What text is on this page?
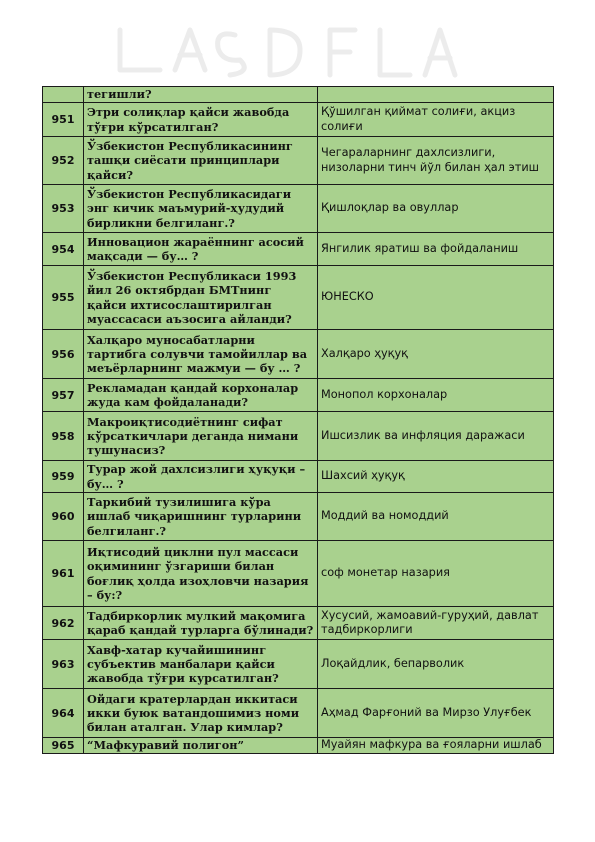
	тегишли?	
951	Этри солиқлар қайси жавобда тўғри кўрсатилган?	Қўшилган қиймат солиғи, акциз солиғи
952	Ўзбекистон Республикасининг ташқи сиёсати принциплари қайси?	Чегараларнинг дахлсизлиги, низоларни тинч йўл билан ҳал этиш
953	Ўзбекистон Республикасидаги энг кичик маъмурий-ҳудудий бирликни белгиланг.?	Қишлоқлар ва овуллар
954	Инновацион жараённинг асосий мақсади — бу… ?	Янгилик яратиш ва фойдаланиш
955	Ўзбекистон Республикаси 1993 йил 26 октябрдан БМТнинг қайси ихтисослаштирилган муассасаси аъзосига айланди?	ЮНЕСКО
956	Халқаро муносабатларни тартибга солувчи тамойиллар ва меъёрларнинг мажмуи — бу … ?	Халқаро ҳуқуқ
957	Рекламадан қандай корхоналар жуда кам фойдаланади?	Монопол корхоналар
958	Макроиқтисодиётнинг сифат кўрсаткичлари деганда нимани тушунасиз?	Ишсизлик ва инфляция даражаси
959	Турар жой дахлсизлиги ҳуқуқи – бу… ?	Шахсий ҳуқуқ
960	Таркибий тузилишига кўра ишлаб чиқаришнинг турларини белгиланг.?	Моддий ва номоддий
961	Иқтисодий циклни пул массаси оқимининг ўзгариши билан боғлиқ ҳолда изоҳловчи назария – бу:?	соф монетар назария
962	Тадбиркорлик мулкий мақомига қараб қандай турларга бўлинади?	Хусусий, жамоавий-гуруҳий, давлат тадбиркорлиги
963	Хавф-хатар кучайишининг субъектив манбалари қайси жавобда тўғри курсатилган?	Лоқайдлик, бепарволик
964	Ойдаги кратерлардан иккитаси икки буюк ватандошимиз номи билан аталган. Улар кимлар?	Аҳмад Фарғоний ва Мирзо Улуғбек
965	“Мафкуравий полигон”	Муайян мафкура ва ғояларни ишлаб
